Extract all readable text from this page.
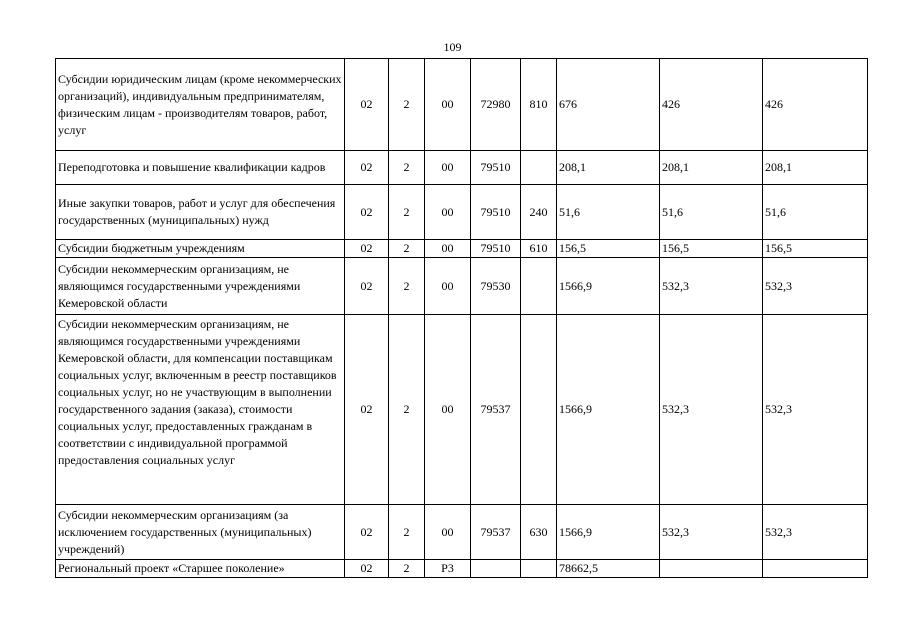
109
Субсидии юридическим лицам (кроме некоммерческих организаций), индивидуальным предпринимателям, физическим лицам - производителям товаров, работ, услуг	02	2	00	72980	810	676	426	426
Переподготовка и повышение квалификации кадров	02	2	00	79510		208,1	208,1	208,1
Иные закупки товаров, работ и услуг для обеспечения государственных (муниципальных) нужд	02	2	00	79510	240	51,6	51,6	51,6
Субсидии бюджетным учреждениям	02	2	00	79510	610	156,5	156,5	156,5
Субсидии некоммерческим организациям, не являющимся государственными учреждениями Кемеровской области	02	2	00	79530		1566,9	532,3	532,3
Субсидии некоммерческим организациям, не являющимся государственными учреждениями Кемеровской области, для компенсации поставщикам социальных услуг, включенным в реестр поставщиков социальных услуг, но не участвующим в выполнении государственного задания (заказа), стоимости социальных услуг, предоставленных гражданам в соответствии с индивидуальной программой предоставления социальных услуг	02	2	00	79537		1566,9	532,3	532,3
Субсидии некоммерческим организациям (за исключением государственных (муниципальных) учреждений)	02	2	00	79537	630	1566,9	532,3	532,3
Региональный проект «Старшее поколение»	02	2	P3			78662,5		
